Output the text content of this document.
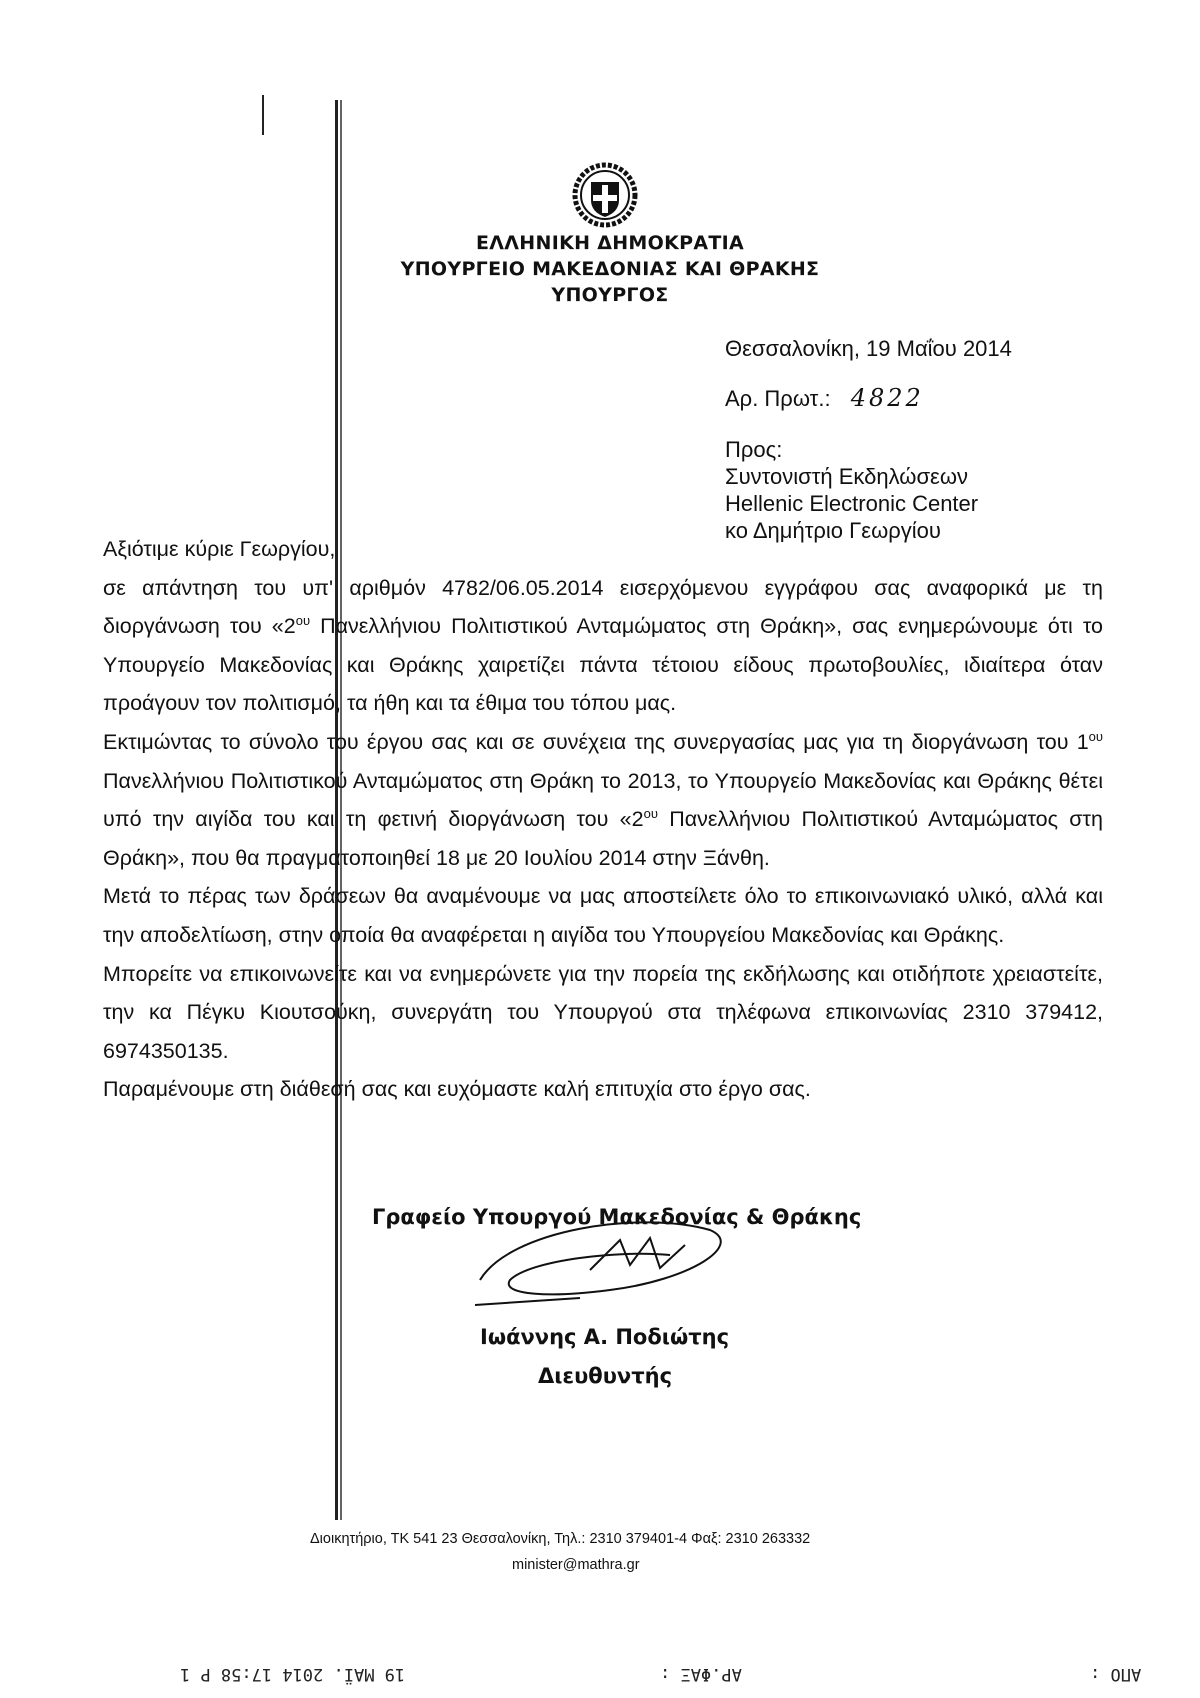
ΕΛΛΗΝΙΚΗ ΔΗΜΟΚΡΑΤΙΑ
ΥΠΟΥΡΓΕΙΟ ΜΑΚΕΔΟΝΙΑΣ ΚΑΙ ΘΡΑΚΗΣ
ΥΠΟΥΡΓΟΣ
Θεσσαλονίκη, 19 Μαΐου 2014
Αρ. Πρωτ.: 4822
Προς:
Συντονιστή Εκδηλώσεων
Hellenic Electronic Center
κο Δημήτριο Γεωργίου

Αξιότιμε κύριε Γεωργίου,

σε απάντηση του υπ' αριθμόν 4782/06.05.2014 εισερχόμενου εγγράφου σας αναφορικά με τη διοργάνωση του «$2^{o\upsilon}$ Πανελλήνιου Πολιτιστικού Ανταμώματος στη Θράκη», σας ενημερώνουμε ότι το Υπουργείο Μακεδονίας και Θράκης χαιρετίζει πάντα τέτοιου είδους πρωτοβουλίες, ιδιαίτερα όταν προάγουν τον πολιτισμό, τα ήθη και τα έθιμα του τόπου μας.

Εκτιμώντας το σύνολο του έργου σας και σε συνέχεια της συνεργασίας μας για τη διοργάνωση του $1^{o\upsilon}$ Πανελλήνιου Πολιτιστικού Ανταμώματος στη Θράκη το 2013, το Υπουργείο Μακεδονίας και Θράκης θέτει υπό την αιγίδα του και τη φετινή διοργάνωση του «$2^{o\upsilon}$ Πανελλήνιου Πολιτιστικού Ανταμώματος στη Θράκη», που θα πραγματοποιηθεί 18 με 20 Ιουλίου 2014 στην Ξάνθη.

Μετά το πέρας των δράσεων θα αναμένουμε να μας αποστείλετε όλο το επικοινωνιακό υλικό, αλλά και την αποδελτίωση, στην οποία θα αναφέρεται η αιγίδα του Υπουργείου Μακεδονίας και Θράκης.

Μπορείτε να επικοινωνείτε και να ενημερώνετε για την πορεία της εκδήλωσης και οτιδήποτε χρειαστείτε, την κα Πέγκυ Κιουτσούκη, συνεργάτη του Υπουργού στα τηλέφωνα επικοινωνίας 2310 379412, 6974350135.

Παραμένουμε στη διάθεσή σας και ευχόμαστε καλή επιτυχία στο έργο σας.

Γραφείο Υπουργού Μακεδονίας & Θράκης
Ιωάννης Α. Ποδιώτης
Διευθυντής
Διοικητήριο, ΤΚ 541 23 Θεσσαλονίκη, Τηλ.: 2310 379401-4 Φαξ: 2310 263332
minister@mathra.gr
19 ΜΑΪ. 2014 17:58 P 1	ΑΡ.ΦΑΞ :	ΑΠΟ :
